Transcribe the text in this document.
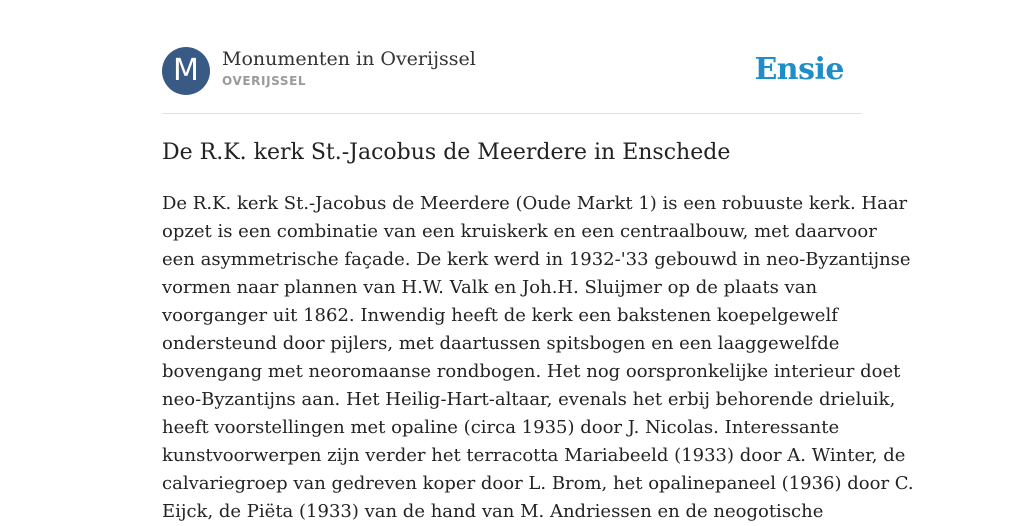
M	Monumenten in Overijssel
OVERIJSSEL	Ensie
De R.K. kerk St.-Jacobus de Meerdere in Enschede
De R.K. kerk St.-Jacobus de Meerdere (Oude Markt 1) is een robuuste kerk. Haar
opzet is een combinatie van een kruiskerk en een centraalbouw, met daarvoor
een asymmetrische façade. De kerk werd in 1932-'33 gebouwd in neo-Byzantijnse
vormen naar plannen van H.W. Valk en Joh.H. Sluijmer op de plaats van
voorganger uit 1862. Inwendig heeft de kerk een bakstenen koepelgewelf
ondersteund door pijlers, met daartussen spitsbogen en een laaggewelfde
bovengang met neoromaanse rondbogen. Het nog oorspronkelijke interieur doet
neo-Byzantijns aan. Het Heilig-Hart-altaar, evenals het erbij behorende drieluik,
heeft voorstellingen met opaline (circa 1935) door J. Nicolas. Interessante
kunstvoorwerpen zijn verder het terracotta Mariabeeld (1933) door A. Winter, de
calvariegroep van gedreven koper door L. Brom, het opalinepaneel (1936) door C.
Eijck, de Piëta (1933) van de hand van M. Andriessen en de neogotische
